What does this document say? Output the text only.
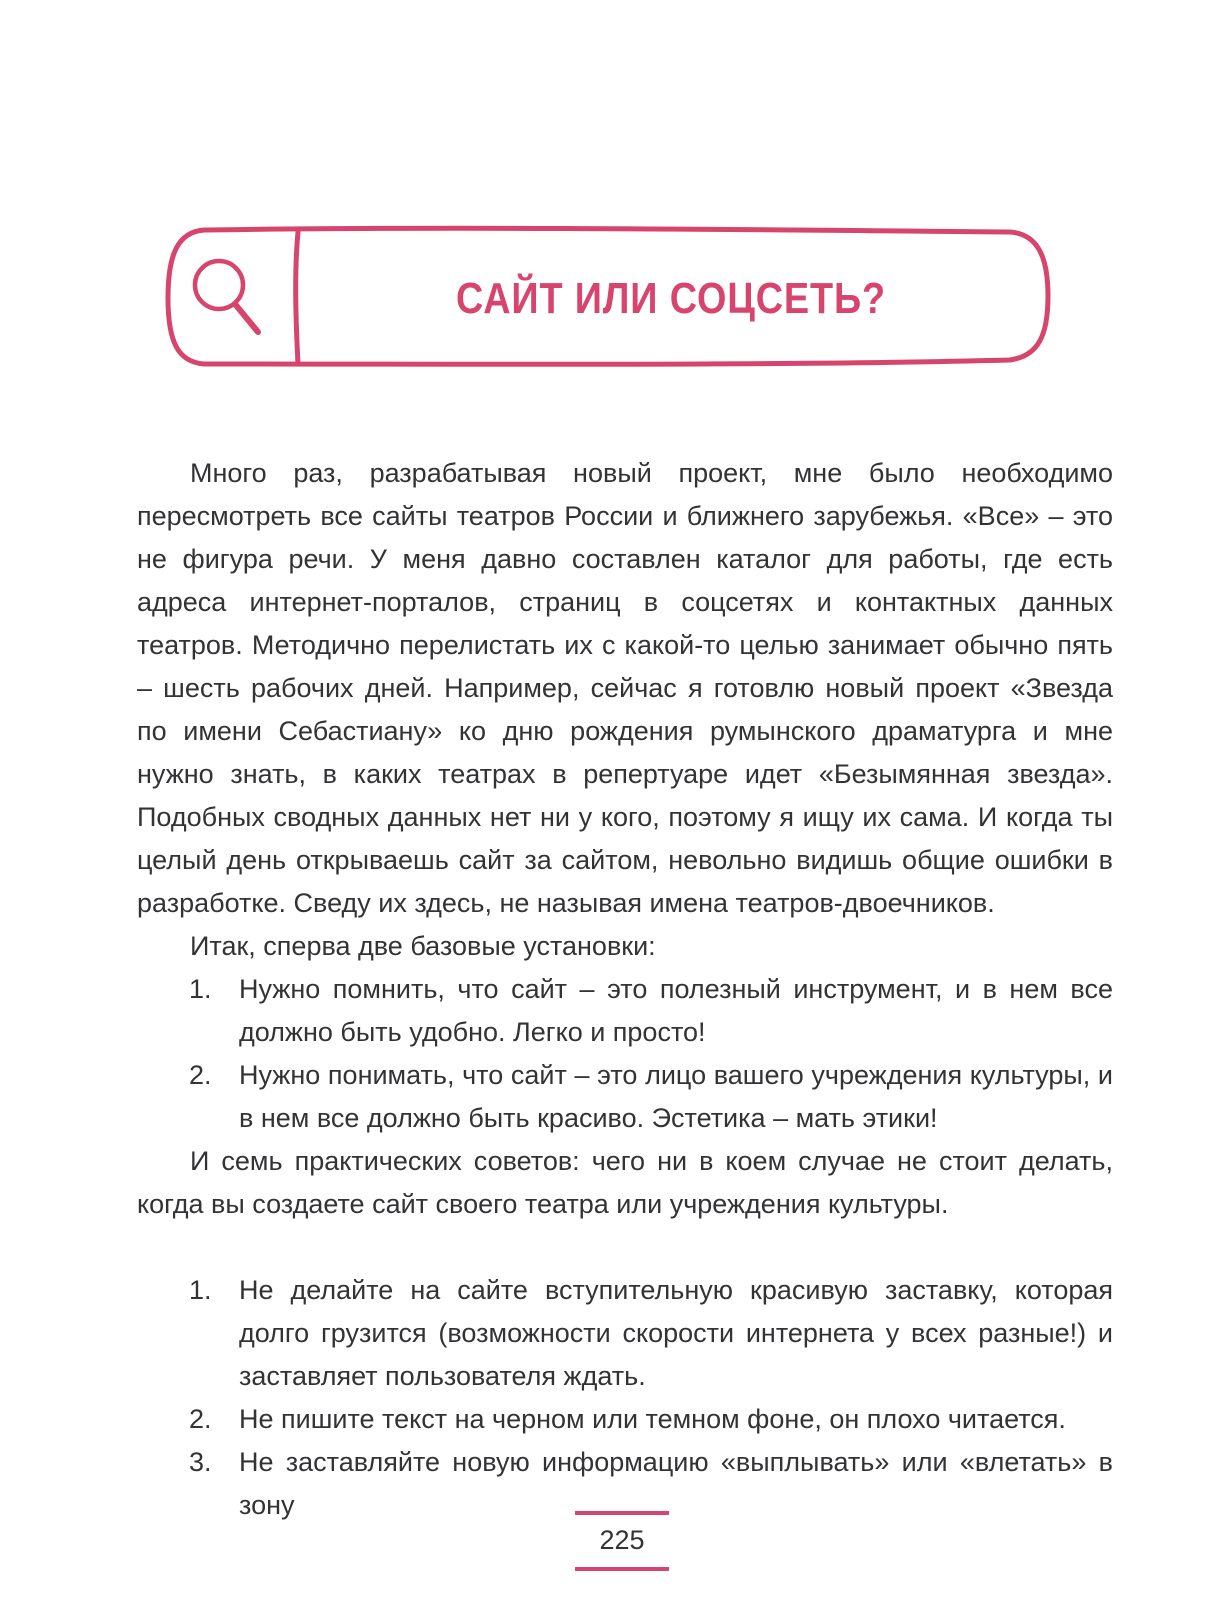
САЙТ ИЛИ СОЦСЕТЬ?

Много раз, разрабатывая новый проект, мне было необходимо пересмотреть все сайты театров России и ближнего зарубежья. «Все» – это не фигура речи. У меня давно составлен каталог для работы, где есть адреса интернет-порталов, страниц в соцсетях и контактных данных театров. Методично перелистать их с какой-то целью занимает обычно пять – шесть рабочих дней. Например, сейчас я готовлю новый проект «Звезда по имени Себастиану» ко дню рождения румынского драматурга и мне нужно знать, в каких театрах в репертуаре идет «Безымянная звезда». Подобных сводных данных нет ни у кого, поэтому я ищу их сама. И когда ты целый день открываешь сайт за сайтом, невольно видишь общие ошибки в разработке. Сведу их здесь, не называя имена театров-двоечников.

Итак, сперва две базовые установки:

1.	Нужно помнить, что сайт – это полезный инструмент, и в нем все должно быть удобно. Легко и просто!
2.	Нужно понимать, что сайт – это лицо вашего учреждения культуры, и в нем все должно быть красиво. Эстетика – мать этики!

И семь практических советов: чего ни в коем случае не стоит делать, когда вы создаете сайт своего театра или учреждения культуры.

1.	Не делайте на сайте вступительную красивую заставку, которая долго грузится (возможности скорости интернета у всех разные!) и заставляет пользователя ждать.
2.	Не пишите текст на черном или темном фоне, он плохо читается.
3.	Не заставляйте новую информацию «выплывать» или «влетать» в зону
225
